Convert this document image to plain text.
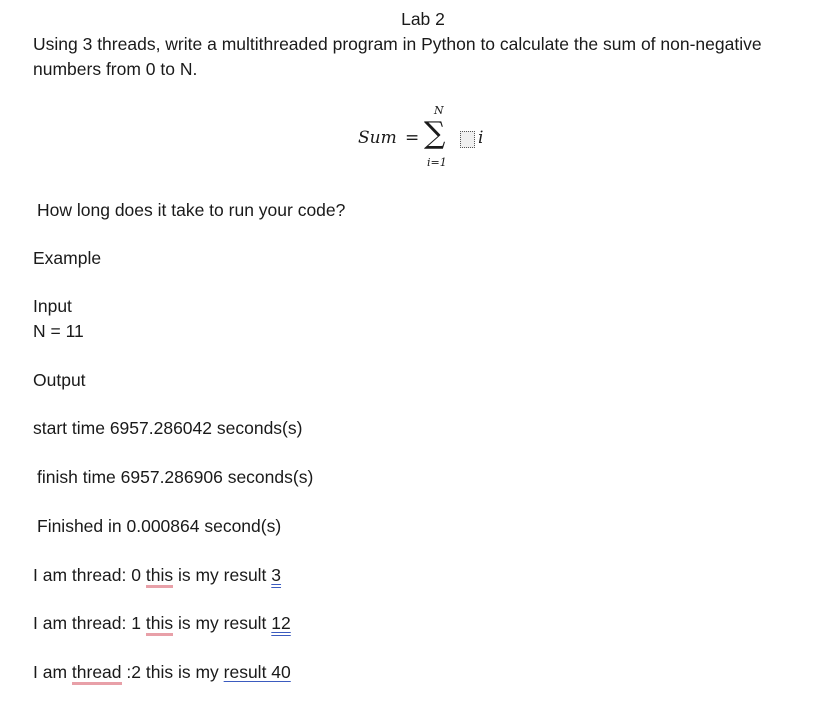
Lab 2
Using 3 threads, write a multithreaded program in Python to calculate the sum of non-negative
numbers from 0 to N.
Sum =
N
∑
i=1
i
How long does it take to run your code?
Example
Input
N = 11
Output
start time 6957.286042 seconds(s)
finish time 6957.286906 seconds(s)
Finished in 0.000864 second(s)
I am thread: 0 this is my result 3
I am thread: 1 this is my result 12
I am thread :2 this is my result 40
